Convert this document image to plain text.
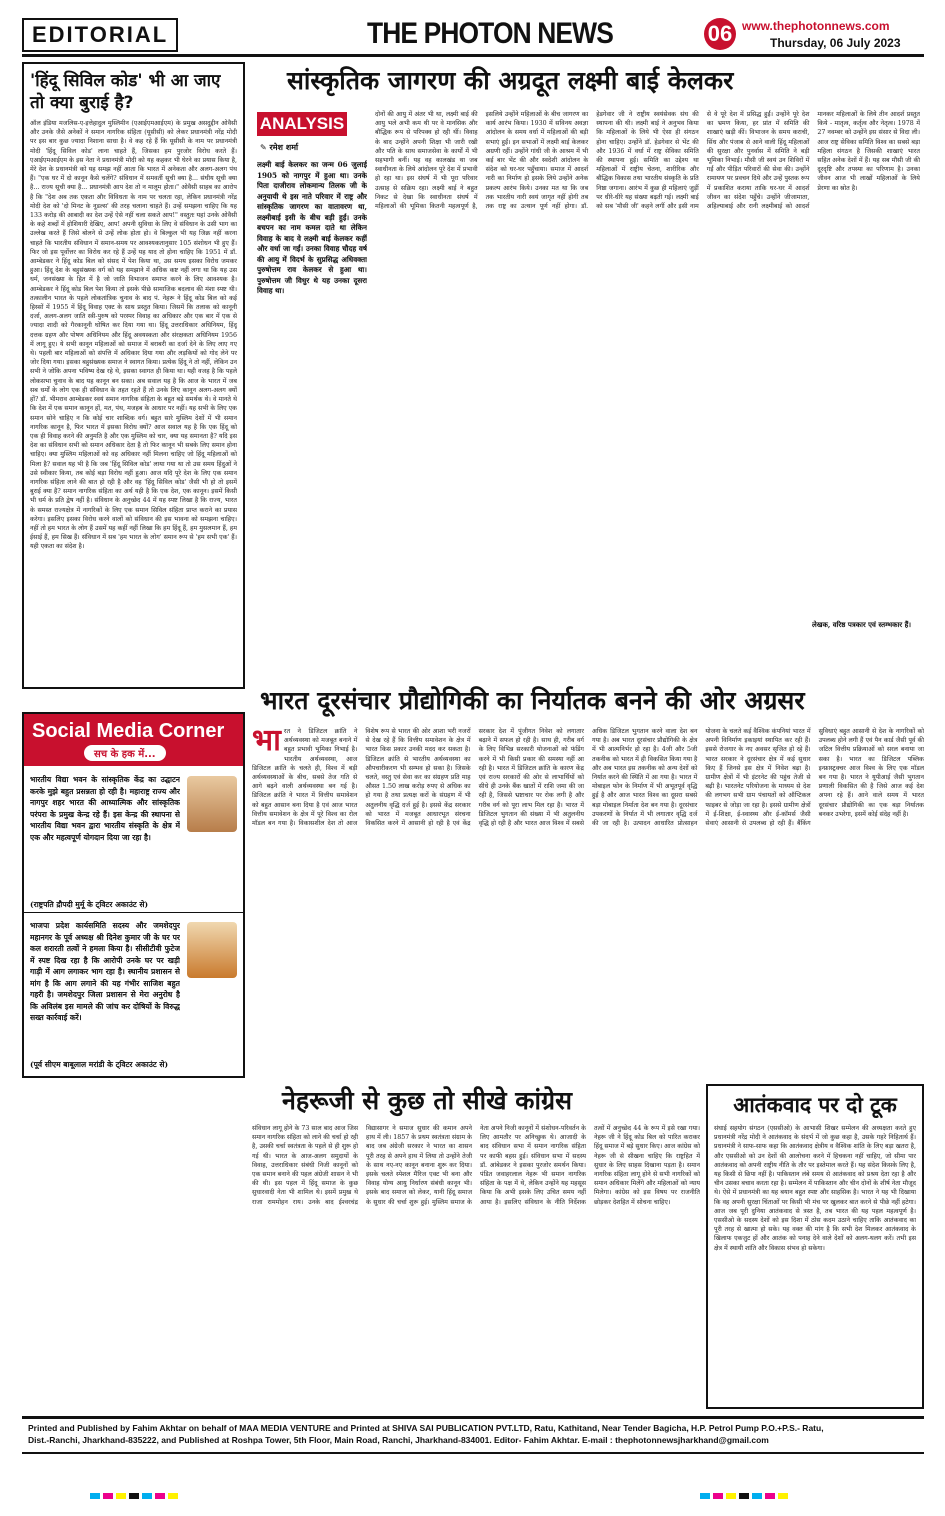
EDITORIAL	THE PHOTON NEWS	06 www.thephotonnews.com
Thursday, 06 July 2023
'हिंदू सिविल कोड' भी आ जाए तो क्या बुराई है?
ऑल इंडिया मजलिस-ए-इत्तेहादुल मुस्लिमीन (एआईएमआईएम) के प्रमुख असदुद्दीन ओवैसी और उनके जैसे अनेकों ने समान नागरिक संहिता (यूसीसी) को लेकर प्रधानमंत्री नरेंद्र मोदी पर इस बार कुछ ज्यादा निशाना साधा है। वे कह रहे हैं कि यूसीसी के नाम पर प्रधानमंत्री मोदी 'हिंदू सिविल कोड' लाना चाहते हैं, जिसका हम पुरजोर विरोध करते हैं। एआईएमआईएम के इस नेता ने प्रधानमंत्री मोदी को यह कहकर भी घेरने का प्रयास किया है, मेरे देश के प्रधानमंत्री को यह समझ नहीं आता कि भारत में अनेकता और अलग-अलग पंथ हैं। "एक घर में दो कानून कैसे चलेंगे? संविधान में समवर्ती सूची क्या है... संघीय सूची क्या है... राज्य सूची क्या है... प्रधानमंत्री आप देश तो न मालूम होता।" ओवैसी साहब का आरोप है कि "देश अब तक एकता और विविधता के नाम पर चलता रहा, लेकिन प्रधानमंत्री नरेंद्र मोदी देश को 'दो मिनट के नूडल्स' की तरह चलाना चाहते हैं। उन्हें समझना चाहिए कि यह 133 करोड़ की आबादी का देश उन्हें ऐसे नहीं चला सकते आप!" वस्तुतः यहां उनके ओवैसी के कहे शब्दों में होशियारी देखिए, आप! अपनी सुविधा के लिए वे संविधान के उसी भाग का उल्लेख करते हैं जिसे बोलने से उन्हें लोक होता हो। वे बिल्कुल भी यह जिक्र नहीं करना चाहते कि भारतीय संविधान में समान-समय पर आवश्यकतानुसार 105 संशोधन भी हुए हैं। फिर जो इस पूर्वोत्तर का विरोध कर रहे हैं उन्हें यह याद तो होना चाहिए कि 1951 में डॉ. आम्बेडकर ने हिंदू कोड बिल को संसद में पेश किया था, उस समय इसका विरोध जमकर हुआ। हिंदू देश के बहुसंख्यक वर्ग को यह समझाने में अधिक कष्ट नहीं लगा था कि यह उस धर्म, जनसंख्या के हित में है जो जाति विभाजन समाप्त करने के लिए आवश्यक है। आम्बेडकर ने हिंदू कोड बिल पेश किया तो इसके पीछे सामाजिक बदलाव की मंशा स्पष्ट थी। तत्कालीन भारत के पहले लोकतांत्रिक चुनाव के बाद पं. नेहरू ने हिंदू कोड बिल को कई हिस्सों में 1955 में हिंदू विवाह एक्ट के साथ प्रस्तुत किया। जिसमें कि तलाक को कानूनी दर्जा, अलग-अलग जाति स्त्री-पुरुष को परस्पर विवाह का अधिकार और एक बार में एक से ज्यादा शादी को गैरकानूनी घोषित कर दिया गया था। हिंदू उत्तराधिकार अधिनियम, हिंदू दत्तक ग्रहण और पोषण अधिनियम और हिंदू अवयस्कता और संरक्षकता अधिनियम 1956 में लागू हुए। ये सभी कानून महिलाओं को समाज में बराबरी का दर्जा देने के लिए लाए गए थे। पहली बार महिलाओं को संपत्ति में अधिकार दिया गया और लड़कियों को गोद लेने पर जोर दिया गया। इसका बहुसंख्यक समाज ने स्वागत किया। प्रत्येक हिंदू ने तो नहीं, लेकिन उन सभी ने जोकि अपना भविष्य देख रहे थे, इसका स्वागत ही किया था। यही वजह है कि पहले लोकसभा चुनाव के बाद यह कानून बन सका। अब सवाल यह है कि आज के भारत में जब सब धर्मों के लोग एक ही संविधान के तहत रहते हैं तो उनके लिए कानून अलग-अलग क्यों हों? डॉ. भीमराव आम्बेडकर स्वयं समान नागरिक संहिता के बहुत बड़े समर्थक थे। वे मानते थे कि देश में एक समान कानून हों, मत, पंथ, मजहब के आधार पर नहीं। यह सभी के लिए एक समान सोने चाहिए न कि कोई चार शाब्दिक वर्ग। बहुत सारे मुस्लिम देशों में भी समान नागरिक कानून है, फिर भारत में इसका विरोध क्यों? आज सवाल यह है कि एक हिंदू को एक ही विवाह करने की अनुमति है और एक मुस्लिम को चार, क्या यह समानता है? यदि इस देश का संविधान सभी को समान अधिकार देता है तो फिर कानून भी सबके लिए समान होना चाहिए। क्या मुस्लिम महिलाओं को वह अधिकार नहीं मिलना चाहिए जो हिंदू महिलाओं को मिला है? सवाल यह भी है कि जब 'हिंदू सिविल कोड' लाया गया था तो उस समय हिंदुओं ने उसे स्वीकार किया, तब कोई बड़ा विरोध नहीं हुआ। आज यदि पूरे देश के लिए एक समान नागरिक संहिता लाने की बात हो रही है और वह 'हिंदू सिविल कोड' जैसी भी हो तो इसमें बुराई क्या है? समान नागरिक संहिता का अर्थ यही है कि एक देश, एक कानून। इसमें किसी भी धर्म के प्रति द्वेष नहीं है। संविधान के अनुच्छेद 44 में यह स्पष्ट लिखा है कि राज्य, भारत के समस्त राज्यक्षेत्र में नागरिकों के लिए एक समान सिविल संहिता प्राप्त कराने का प्रयास करेगा। इसलिए इसका विरोध करने वालों को संविधान की इस भावना को समझना चाहिए। नहीं तो हम भारत के लोग हैं उसमें यह कहीं नहीं लिखा कि हम हिंदू हैं, हम मुसलमान हैं, हम ईसाई हैं, हम सिख हैं। संविधान में सब 'हम भारत के लोग' समान रूप से 'हम सभी एक' हैं। यही एकता का संदेश है।
सांस्कृतिक जागरण की अग्रदूत लक्ष्मी बाई केलकर
ANALYSIS
✎ रमेश शर्मा
लक्ष्मी बाई केलकर का जन्म 06 जुलाई 1905 को नागपुर में हुआ था। उनके पिता दाजीराव लोकमान्य तिलक जी के अनुयायी थे इस नाते परिवार में राष्ट्र और सांस्कृतिक जागरण का वातावरण था, लक्ष्मीबाई इसी के बीच बड़ी हुईं। उनके बचपन का नाम कमल दाते था लेकिन विवाह के बाद वे लक्ष्मी बाई केलकर कहीं और वर्धा जा गईं। उनका विवाह चौदह वर्ष की आयु में विदर्भ के सुप्रसिद्ध अधिवक्ता पुरुषोत्तम राव केलकर से हुआ था। पुरुषोत्तम जी विधुर थे यह उनका दूसरा विवाह था।
दोनों की आयु में अंतर भी था, लक्ष्मी बाई की आयु भले अभी कम थी पर वे मानसिक और बौद्धिक रूप से परिपक्व हो रही थीं। विवाह के बाद उन्होंने अपनी शिक्षा भी जारी रखी और पति के साथ समाजसेवा के कार्यों में भी सहभागी बनीं। यह वह कालखंड था जब स्वाधीनता के लिये आंदोलन पूरे देश में प्रभावी हो रहा था। इस संघर्ष में भी पूरा परिवार उत्साह से सक्रिय रहा। लक्ष्मी बाई ने बहुत निकट से देखा कि स्वाधीनता संघर्ष में महिलाओं की भूमिका कितनी महत्वपूर्ण है, इसलिये उन्होंने महिलाओं के बीच जागरण का कार्य आरंभ किया। 1930 में सविनय अवज्ञा आंदोलन के समय वर्धा में महिलाओं की बड़ी सभाएं हुईं। इन सभाओं में लक्ष्मी बाई केलकर अग्रणी रहीं। उन्होंने गांधी जी के आश्रम में भी कई बार भेंट की और स्वदेशी आंदोलन के संदेश को घर-घर पहुँचाया। समाज में आदर्श नारी का निर्माण हो इसके लिये उन्होंने अनेक प्रकल्प आरंभ किये। उनका मत था कि जब तक भारतीय नारी स्वयं जागृत नहीं होगी तब तक राष्ट्र का उत्थान पूर्ण नहीं होगा। डॉ. हेडगेवार जी ने राष्ट्रीय स्वयंसेवक संघ की स्थापना की थी। लक्ष्मी बाई ने अनुभव किया कि महिलाओं के लिये भी ऐसा ही संगठन होना चाहिए। उन्होंने डॉ. हेडगेवार से भेंट की और 1936 में वर्धा में राष्ट्र सेविका समिति की स्थापना हुई। समिति का उद्देश्य था महिलाओं में राष्ट्रीय चेतना, शारीरिक और बौद्धिक विकास तथा भारतीय संस्कृति के प्रति निष्ठा जगाना। आरंभ में कुछ ही महिलाएं जुड़ीं पर धीरे-धीरे यह संख्या बढ़ती गई। लक्ष्मी बाई को सब 'मौसी जी' कहने लगीं और इसी नाम से वे पूरे देश में प्रसिद्ध हुईं। उन्होंने पूरे देश का भ्रमण किया, हर प्रांत में समिति की शाखाएं खड़ी कीं। विभाजन के समय कराची, सिंध और पंजाब से आने वाली हिंदू महिलाओं की सुरक्षा और पुनर्वास में समिति ने बड़ी भूमिका निभाई। मौसी जी स्वयं उन शिविरों में गईं और पीड़ित परिवारों की सेवा की। उन्होंने रामायण पर प्रवचन दिये और उन्हें पुस्तक रूप में प्रकाशित कराया ताकि घर-घर में आदर्श जीवन का संदेश पहुँचे। उन्होंने जीजामाता, अहिल्याबाई और रानी लक्ष्मीबाई को आदर्श मानकर महिलाओं के लिये तीन आदर्श प्रस्तुत किये - मातृत्व, कर्तृत्व और नेतृत्व। 1978 में 27 नवम्बर को उन्होंने इस संसार से विदा ली। आज राष्ट्र सेविका समिति विश्व का सबसे बड़ा महिला संगठन है जिसकी शाखाएं भारत सहित अनेक देशों में हैं। यह सब मौसी जी की दूरदृष्टि और तपस्या का परिणाम है। उनका जीवन आज भी लाखों महिलाओं के लिये प्रेरणा का स्रोत है।
लेखक, वरिष्ठ पत्रकार एवं स्तम्भकार हैं।
भारत दूरसंचार प्रौद्योगिकी का निर्यातक बनने की ओर अग्रसर
भारत ने डिजिटल क्रांति ने अर्थव्यवस्था को मजबूत बनाने में बहुत प्रभावी भूमिका निभाई है। भारतीय अर्थव्यवस्था, आज डिजिटल क्रांति के चलते ही, विश्व में बड़ी अर्थव्यवस्थाओं के बीच, सबसे तेज गति से आगे बढ़ने वाली अर्थव्यवस्था बन गई है। डिजिटल क्रांति ने भारत में वित्तीय समावेशन को बहुत आसान बना दिया है एवं आज भारत वित्तीय समावेशन के क्षेत्र में पूरे विश्व का रोल मॉडल बन गया है। विकासशील देश तो आज विशेष रूप से भारत की ओर आशा भरी नजरों से देख रहे हैं कि वित्तीय समावेशन के क्षेत्र में भारत किस प्रकार उनकी मदद कर सकता है। डिजिटल क्रांति से भारतीय अर्थव्यवस्था का औपचारीकरण भी सम्भव हो सका है। जिसके चलते, वस्तु एवं सेवा कर का संग्रहण प्रति माह औसत 1.50 लाख करोड़ रुपए से अधिक का हो गया है तथा प्रत्यक्ष करों के संग्रहण में भी अतुलनीय वृद्धि दर्ज हुई है। इससे केंद्र सरकार को भारत में मजबूत आधारभूत संरचना विकसित करने में आसानी हो रही है एवं केंद्र सरकार देश में पूंजीगत निवेश को लगातार बढ़ाने में सफल हो रही है। साथ ही, गरीब वर्ग के लिए विभिन्न सरकारी योजनाओं को फंडिंग करने में भी किसी प्रकार की समस्या नहीं आ रही है। भारत में डिजिटल क्रांति के कारण केंद्र एवं राज्य सरकारों की ओर से लाभार्थियों को सीधे ही उनके बैंक खातों में राशि जमा की जा रही है, जिससे भ्रष्टाचार पर रोक लगी है और गरीब वर्ग को पूरा लाभ मिल रहा है। भारत में डिजिटल भुगतान की संख्या में भी अतुलनीय वृद्धि हो रही है और भारत आज विश्व में सबसे अधिक डिजिटल भुगतान करने वाला देश बन गया है। अब भारत दूरसंचार प्रौद्योगिकी के क्षेत्र में भी आत्मनिर्भर हो रहा है। 4जी और 5जी तकनीक को भारत में ही विकसित किया गया है और अब भारत इस तकनीक को अन्य देशों को निर्यात करने की स्थिति में आ गया है। भारत में मोबाइल फोन के निर्माण में भी अभूतपूर्व वृद्धि हुई है और आज भारत विश्व का दूसरा सबसे बड़ा मोबाइल निर्माता देश बन गया है। दूरसंचार उपकरणों के निर्यात में भी लगातार वृद्धि दर्ज की जा रही है। उत्पादन आधारित प्रोत्साहन योजना के चलते कई वैश्विक कंपनियां भारत में अपनी विनिर्माण इकाइयां स्थापित कर रही हैं। इससे रोजगार के नए अवसर सृजित हो रहे हैं। भारत सरकार ने दूरसंचार क्षेत्र में कई सुधार किए हैं जिनसे इस क्षेत्र में निवेश बढ़ा है। ग्रामीण क्षेत्रों में भी इंटरनेट की पहुंच तेजी से बढ़ी है। भारतनेट परियोजना के माध्यम से देश की लगभग सभी ग्राम पंचायतों को ऑप्टिकल फाइबर से जोड़ा जा रहा है। इससे ग्रामीण क्षेत्रों में ई-शिक्षा, ई-स्वास्थ्य और ई-कॉमर्स जैसी सेवाएं आसानी से उपलब्ध हो रही हैं। बैंकिंग सुविधाएं बहुत आसानी से देश के नागरिकों को उपलब्ध होने लगी हैं एवं पैन कार्ड जैसी पूर्व की जटिल वित्तीय प्रक्रियाओं को सरल बनाया जा सका है। भारत का डिजिटल पब्लिक इन्फ्रास्ट्रक्चर आज विश्व के लिए एक मॉडल बन गया है। भारत ने यूपीआई जैसी भुगतान प्रणाली विकसित की है जिसे आज कई देश अपना रहे हैं। आने वाले समय में भारत दूरसंचार प्रौद्योगिकी का एक बड़ा निर्यातक बनकर उभरेगा, इसमें कोई संदेह नहीं है।
Social Media Corner
सच के हक में...
भारतीय विद्या भवन के सांस्कृतिक केंद्र का उद्घाटन करके मुझे बहुत प्रसन्नता हो रही है। महाराष्ट्र राज्य और नागपुर शहर भारत की आध्यात्मिक और सांस्कृतिक परंपरा के प्रमुख केन्द्र रहे हैं। इस केन्द्र की स्थापना से भारतीय विद्या भवन द्वारा भारतीय संस्कृति के क्षेत्र में एक और महत्वपूर्ण योगदान दिया जा रहा है।
(राष्ट्रपति द्रौपदी मुर्मू के ट्विटर अकाउंट से)
भाजपा प्रदेश कार्यसमिति सदस्य और जमशेदपुर महानगर के पूर्व अध्यक्ष श्री दिनेश कुमार जी के घर पर कल शरारती तत्वों ने हमला किया है। सीसीटीवी फुटेज में स्पष्ट दिख रहा है कि आरोपी उनके घर पर खड़ी गाड़ी में आग लगाकर भाग रहा है। स्थानीय प्रशासन से मांग है कि आग लगाने की यह गंभीर साजिश बहुत गहरी है। जमशेदपुर जिला प्रशासन से मेरा अनुरोध है कि अविलंब इस मामले की जांच कर दोषियों के विरुद्ध सख्त कार्रवाई करें।
(पूर्व सीएम बाबूलाल मरांडी के ट्विटर अकाउंट से)
नेहरूजी से कुछ तो सीखे कांग्रेस
संविधान लागू होने के 73 साल बाद आज जिस समान नागरिक संहिता को लाने की चर्चा हो रही है, उसकी चर्चा स्वतंत्रता के पहले से ही शुरू हो गई थी। भारत के आज-अलग समुदायों के विवाह, उत्तराधिकार संबंधी निजी कानूनों को एक समान बनाने की पहल अंग्रेजी शासन ने भी की थी। इस पहल में हिंदू समाज के कुछ सुधारवादी नेता भी शामिल थे। इसमें प्रमुख थे राजा राममोहन राय। उनके बाद ईश्वरचंद्र विद्यासागर ने समाज सुधार की कमान अपने हाथ में ली। 1857 के प्रथम स्वतंत्रता संग्राम के बाद जब अंग्रेजी सरकार ने भारत का शासन पूरी तरह से अपने हाथ में लिया तो उन्होंने तेजी के साथ नए-नए कानून बनाना शुरू कर दिया। इसके चलते स्पेशल मैरिज एक्ट भी बना और विवाह योग्य आयु निर्धारण संबंधी कानून भी। इसके बाद समाज को लेकर, यानी हिंदू समाज के सुधार की चर्चा शुरू हुई। मुस्लिम समाज के नेता अपने निजी कानूनों में संशोधन-परिवर्तन के लिए आमतौर पर अनिच्छुक थे। आजादी के बाद संविधान सभा में समान नागरिक संहिता पर काफी बहस हुई। संविधान सभा में सदस्य डॉ. आंबेडकर ने इसका पुरजोर समर्थन किया। पंडित जवाहरलाल नेहरू भी समान नागरिक संहिता के पक्ष में थे, लेकिन उन्होंने यह महसूस किया कि अभी इसके लिए उचित समय नहीं आया है। इसलिए संविधान के नीति निर्देशक तत्वों में अनुच्छेद 44 के रूप में इसे रखा गया। नेहरू जी ने हिंदू कोड बिल को पारित कराकर हिंदू समाज में बड़े सुधार किए। आज कांग्रेस को नेहरू जी से सीखना चाहिए कि राष्ट्रहित में सुधार के लिए साहस दिखाना पड़ता है। समान नागरिक संहिता लागू होने से सभी नागरिकों को समान अधिकार मिलेंगे और महिलाओं को न्याय मिलेगा। कांग्रेस को इस विषय पर राजनीति छोड़कर देशहित में सोचना चाहिए।
आतंकवाद पर दो टूक
संघाई सहयोग संगठन (एससीओ) के आभासी शिखर सम्मेलन की अध्यक्षता करते हुए प्रधानमंत्री नरेंद्र मोदी ने आतंकवाद के संदर्भ में जो कुछ कहा है, उसके गहरे निहितार्थ हैं। प्रधानमंत्री ने साफ-साफ कहा कि आतंकवाद क्षेत्रीय व वैश्विक शांति के लिए बड़ा खतरा है, और एससीओ को उन देशों की आलोचना करने में हिचकना नहीं चाहिए, जो सीमा पार आतंकवाद को अपनी राष्ट्रीय नीति के तौर पर इस्तेमाल करते हैं। यह संदेश किसके लिए है, यह किसी से छिपा नहीं है। पाकिस्तान लंबे समय से आतंकवाद को प्रश्रय देता रहा है और चीन उसका बचाव करता रहा है। सम्मेलन में पाकिस्तान और चीन दोनों के शीर्ष नेता मौजूद थे। ऐसे में प्रधानमंत्री का यह बयान बहुत स्पष्ट और साहसिक है। भारत ने यह भी दिखाया कि वह अपनी सुरक्षा चिंताओं पर किसी भी मंच पर खुलकर बात करने से पीछे नहीं हटेगा। आज जब पूरी दुनिया आतंकवाद से त्रस्त है, तब भारत की यह पहल महत्वपूर्ण है। एससीओ के सदस्य देशों को इस दिशा में ठोस कदम उठाने चाहिए ताकि आतंकवाद का पूरी तरह से खात्मा हो सके। यह वक्त की मांग है कि सभी देश मिलकर आतंकवाद के खिलाफ एकजुट हों और आतंक को पनाह देने वाले देशों को अलग-थलग करें। तभी इस क्षेत्र में स्थायी शांति और विकास संभव हो सकेगा।
Printed and Published by Fahim Akhtar on behalf of MAA MEDIA VENTURE and Printed at SHIVA SAI PUBLICATION PVT.LTD, Ratu, Kathitand, Near Tender Bagicha, H.P. Petrol Pump P.O.+P.S.- Ratu,
Dist.-Ranchi, Jharkhand-835222, and Published at Roshpa Tower, 5th Floor, Main Road, Ranchi, Jharkhand-834001. Editor- Fahim Akhtar. E-mail : thephotonnewsjharkhand@gmail.com
